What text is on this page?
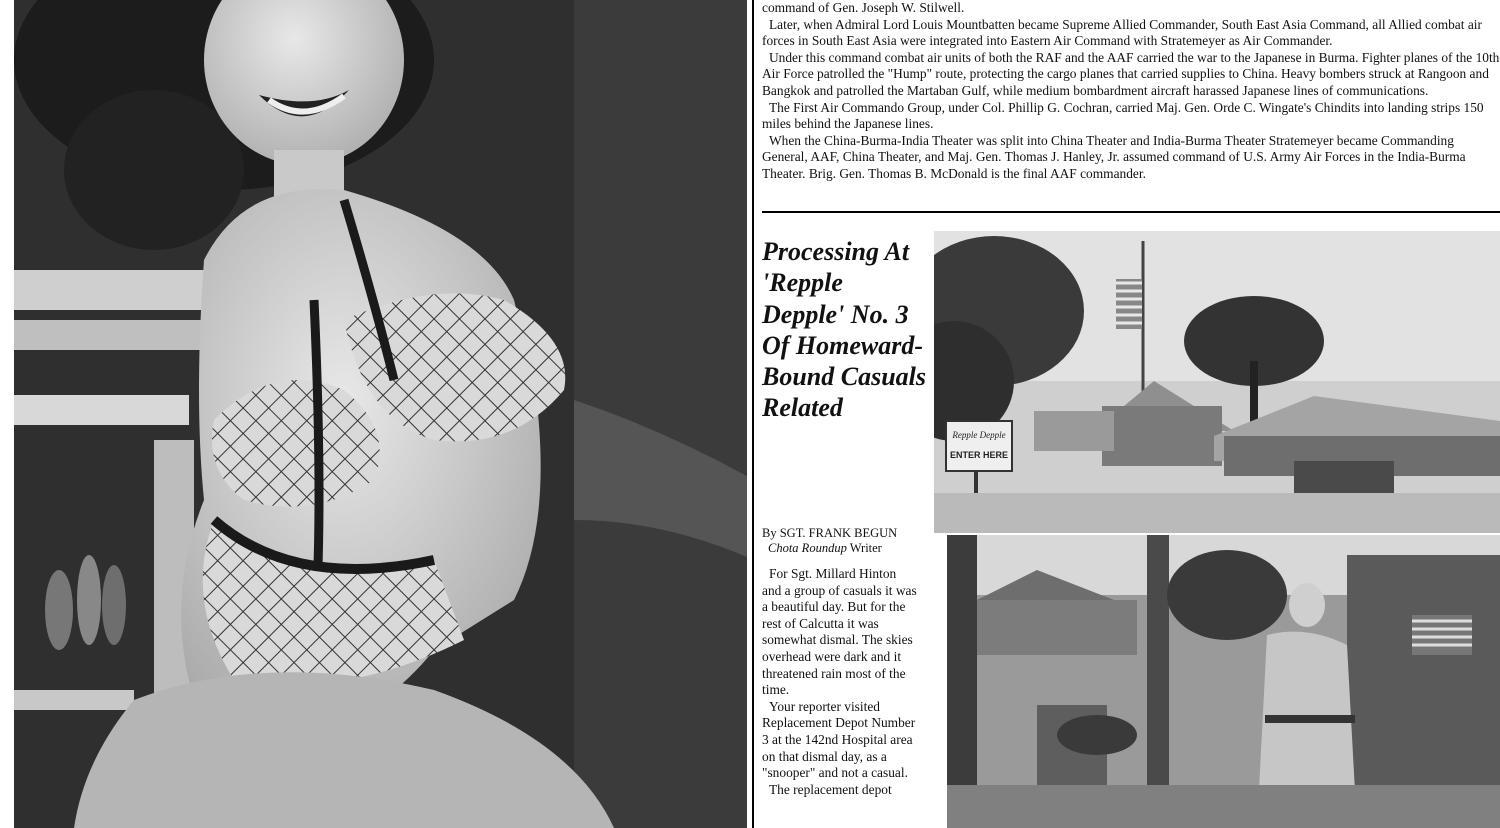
command of Gen. Joseph W. Stilwell.

Later, when Admiral Lord Louis Mountbatten became Supreme Allied Commander, South East Asia Command, all Allied combat air forces in South East Asia were integrated into Eastern Air Command with Stratemeyer as Air Commander.

Under this command combat air units of both the RAF and the AAF carried the war to the Japanese in Burma. Fighter planes of the 10th Air Force patrolled the "Hump" route, protecting the cargo planes that carried supplies to China. Heavy bombers struck at Rangoon and Bangkok and patrolled the Martaban Gulf, while medium bombardment aircraft harassed Japanese lines of communications.

The First Air Commando Group, under Col. Phillip G. Cochran, carried Maj. Gen. Orde C. Wingate's Chindits into landing strips 150 miles behind the Japanese lines.

When the China-Burma-India Theater was split into China Theater and India-Burma Theater Stratemeyer became Commanding General, AAF, China Theater, and Maj. Gen. Thomas J. Hanley, Jr. assumed command of U.S. Army Air Forces in the India-Burma Theater. Brig. Gen. Thomas B. McDonald is the final AAF commander.

Processing At 'Repple Depple' No. 3 Of Homeward-Bound Casuals Related
By SGT. FRANK BEGUN
Chota Roundup Writer

For Sgt. Millard Hinton and a group of casuals it was a beautiful day. But for the rest of Calcutta it was somewhat dismal. The skies overhead were dark and it threatened rain most of the time.

Your reporter visited Replacement Depot Number 3 at the 142nd Hospital area on that dismal day, as a "snooper" and not a casual.

The replacement depot

Repple Depple
ENTER HERE
